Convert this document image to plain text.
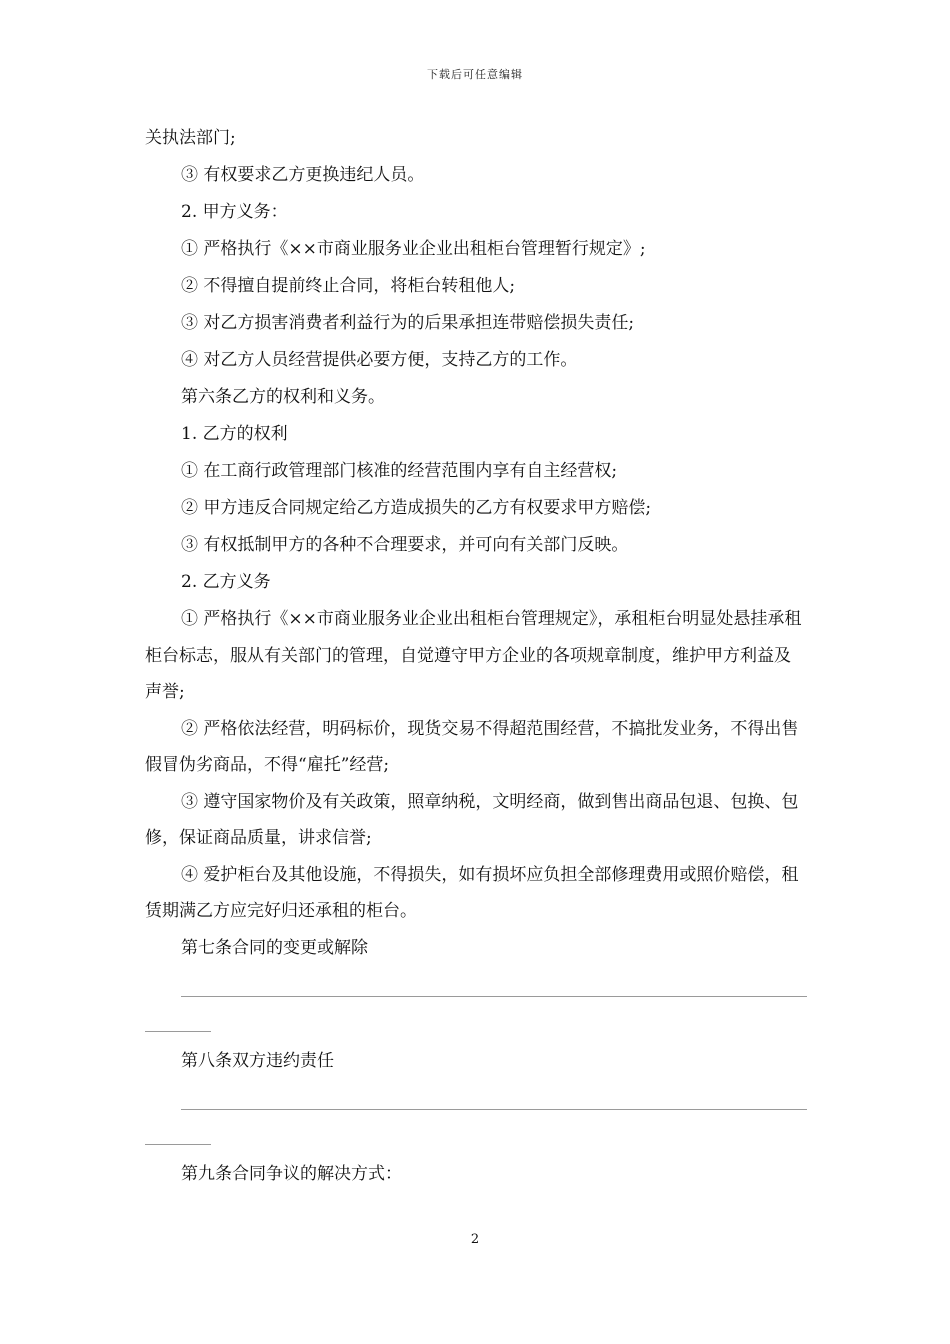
下载后可任意编辑

关执法部门;

③ 有权要求乙方更换违纪人员。

2. 甲方义务：

① 严格执行《××市商业服务业企业出租柜台管理暂行规定》;

② 不得擅自提前终止合同，将柜台转租他人;

③ 对乙方损害消费者利益行为的后果承担连带赔偿损失责任;

④ 对乙方人员经营提供必要方便，支持乙方的工作。

第六条乙方的权利和义务。

1. 乙方的权利

① 在工商行政管理部门核准的经营范围内享有自主经营权;

② 甲方违反合同规定给乙方造成损失的乙方有权要求甲方赔偿;

③ 有权抵制甲方的各种不合理要求，并可向有关部门反映。

2. 乙方义务

① 严格执行《××市商业服务业企业出租柜台管理规定》，承租柜台明显处悬挂承租柜台标志，服从有关部门的管理，自觉遵守甲方企业的各项规章制度，维护甲方利益及声誉;

② 严格依法经营，明码标价，现货交易不得超范围经营，不搞批发业务，不得出售假冒伪劣商品，不得“雇托”经营;

③ 遵守国家物价及有关政策，照章纳税，文明经商，做到售出商品包退、包换、包修，保证商品质量，讲求信誉;

④ 爱护柜台及其他设施，不得损失，如有损坏应负担全部修理费用或照价赔偿，租赁期满乙方应完好归还承租的柜台。

第七条合同的变更或解除

第八条双方违约责任

第九条合同争议的解决方式：

2
